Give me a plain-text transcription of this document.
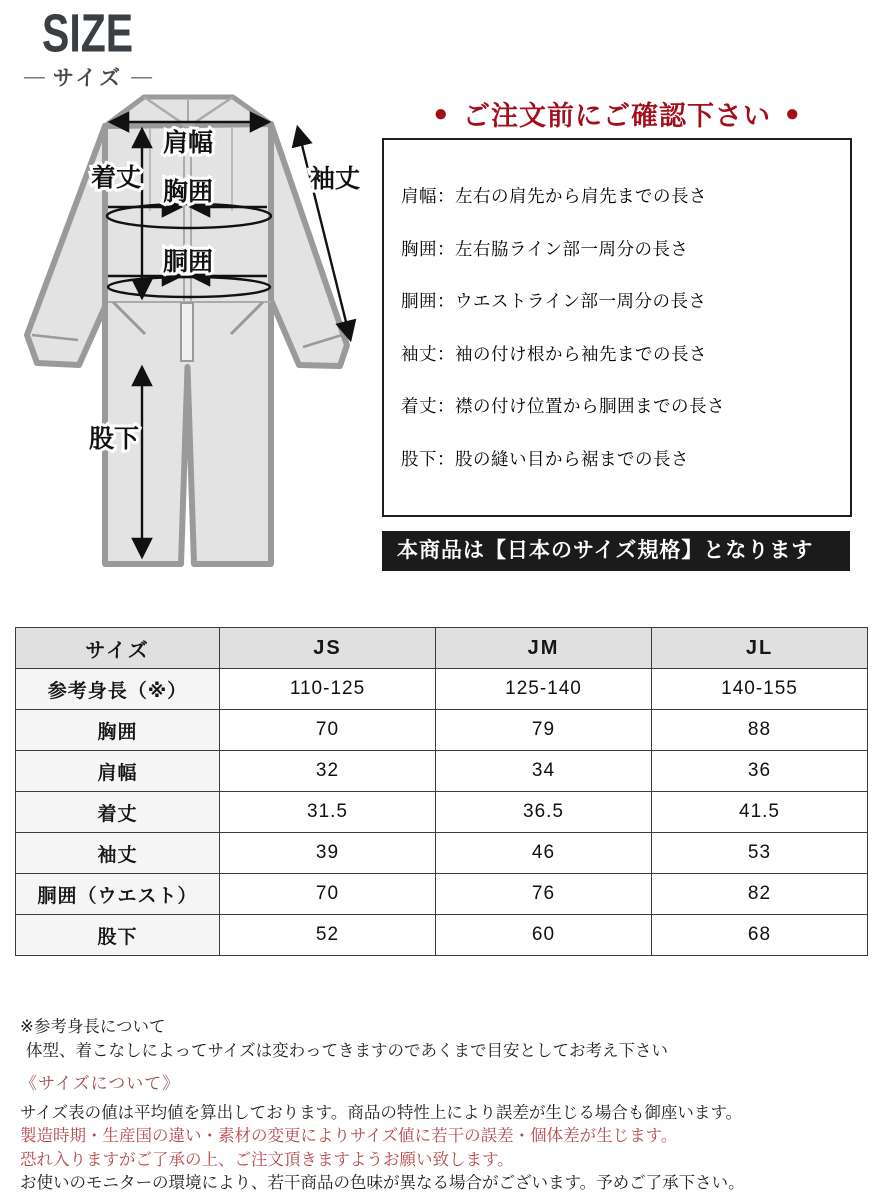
SIZE
— サイズ —
肩幅
着丈 胸囲
胴囲
袖丈
股下
● ご注文前にご確認下さい ●
肩幅：左右の肩先から肩先までの長さ
胸囲：左右脇ライン部一周分の長さ
胴囲：ウエストライン部一周分の長さ
袖丈：袖の付け根から袖先までの長さ
着丈：襟の付け位置から胴囲までの長さ
股下：股の縫い目から裾までの長さ
本商品は【日本のサイズ規格】となります
サイズ	JS	JM	JL
参考身長（※）	110-125	125-140	140-155
胸囲	70	79	88
肩幅	32	34	36
着丈	31.5	36.5	41.5
袖丈	39	46	53
胴囲（ウエスト）	70	76	82
股下	52	60	68
※参考身長について
体型、着こなしによってサイズは変わってきますのであくまで目安としてお考え下さい
《サイズについて》
サイズ表の値は平均値を算出しております。商品の特性上により誤差が生じる場合も御座います。
製造時期・生産国の違い・素材の変更によりサイズ値に若干の誤差・個体差が生じます。
恐れ入りますがご了承の上、ご注文頂きますようお願い致します。
お使いのモニターの環境により、若干商品の色味が異なる場合がございます。予めご了承下さい。
